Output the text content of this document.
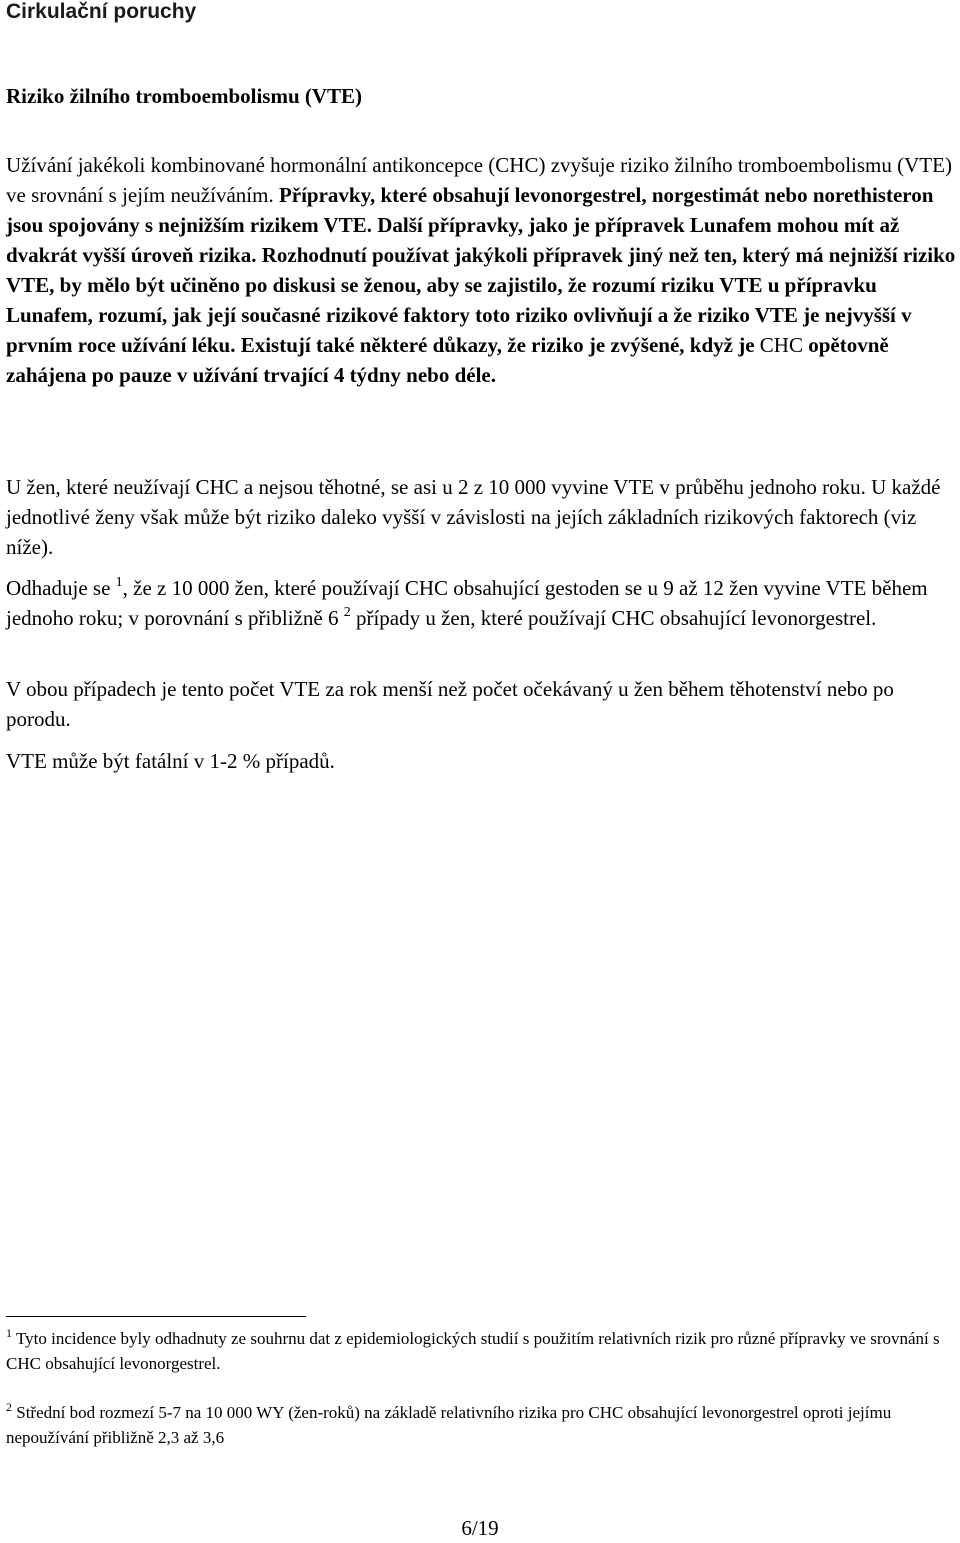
Cirkulační poruchy
Riziko žilního tromboembolismu (VTE)

Užívání jakékoli kombinované hormonální antikoncepce (CHC) zvyšuje riziko žilního tromboembolismu (VTE) ve srovnání s jejím neužíváním. Přípravky, které obsahují levonorgestrel, norgestimát nebo norethisteron jsou spojovány s nejnižším rizikem VTE. Další přípravky, jako je přípravek Lunafem mohou mít až dvakrát vyšší úroveň rizika. Rozhodnutí používat jakýkoli přípravek jiný než ten, který má nejnižší riziko VTE, by mělo být učiněno po diskusi se ženou, aby se zajistilo, že rozumí riziku VTE u přípravku Lunafem, rozumí, jak její současné rizikové faktory toto riziko ovlivňují a že riziko VTE je nejvyšší v prvním roce užívání léku. Existují také některé důkazy, že riziko je zvýšené, když je CHC opětovně zahájena po pauze v užívání trvající 4 týdny nebo déle.

U žen, které neužívají CHC a nejsou těhotné, se asi u 2 z 10 000 vyvine VTE v průběhu jednoho roku. U každé jednotlivé ženy však může být riziko daleko vyšší v závislosti na jejích základních rizikových faktorech (viz níže).

Odhaduje se $^1$, že z 10 000 žen, které používají CHC obsahující gestoden se u 9 až 12 žen vyvine VTE během jednoho roku; v porovnání s přibližně 6 $^2$ případy u žen, které používají CHC obsahující levonorgestrel.

V obou případech je tento počet VTE za rok menší než počet očekávaný u žen během těhotenství nebo po porodu.

VTE může být fatální v 1-2 % případů.

$^1$ Tyto incidence byly odhadnuty ze souhrnu dat z epidemiologických studií s použitím relativních rizik pro různé přípravky ve srovnání s CHC obsahující levonorgestrel.

$^2$ Střední bod rozmezí 5-7 na 10 000 WY (žen-roků) na základě relativního rizika pro CHC obsahující levonorgestrel oproti jejímu nepoužívání přibližně 2,3 až 3,6

6/19
